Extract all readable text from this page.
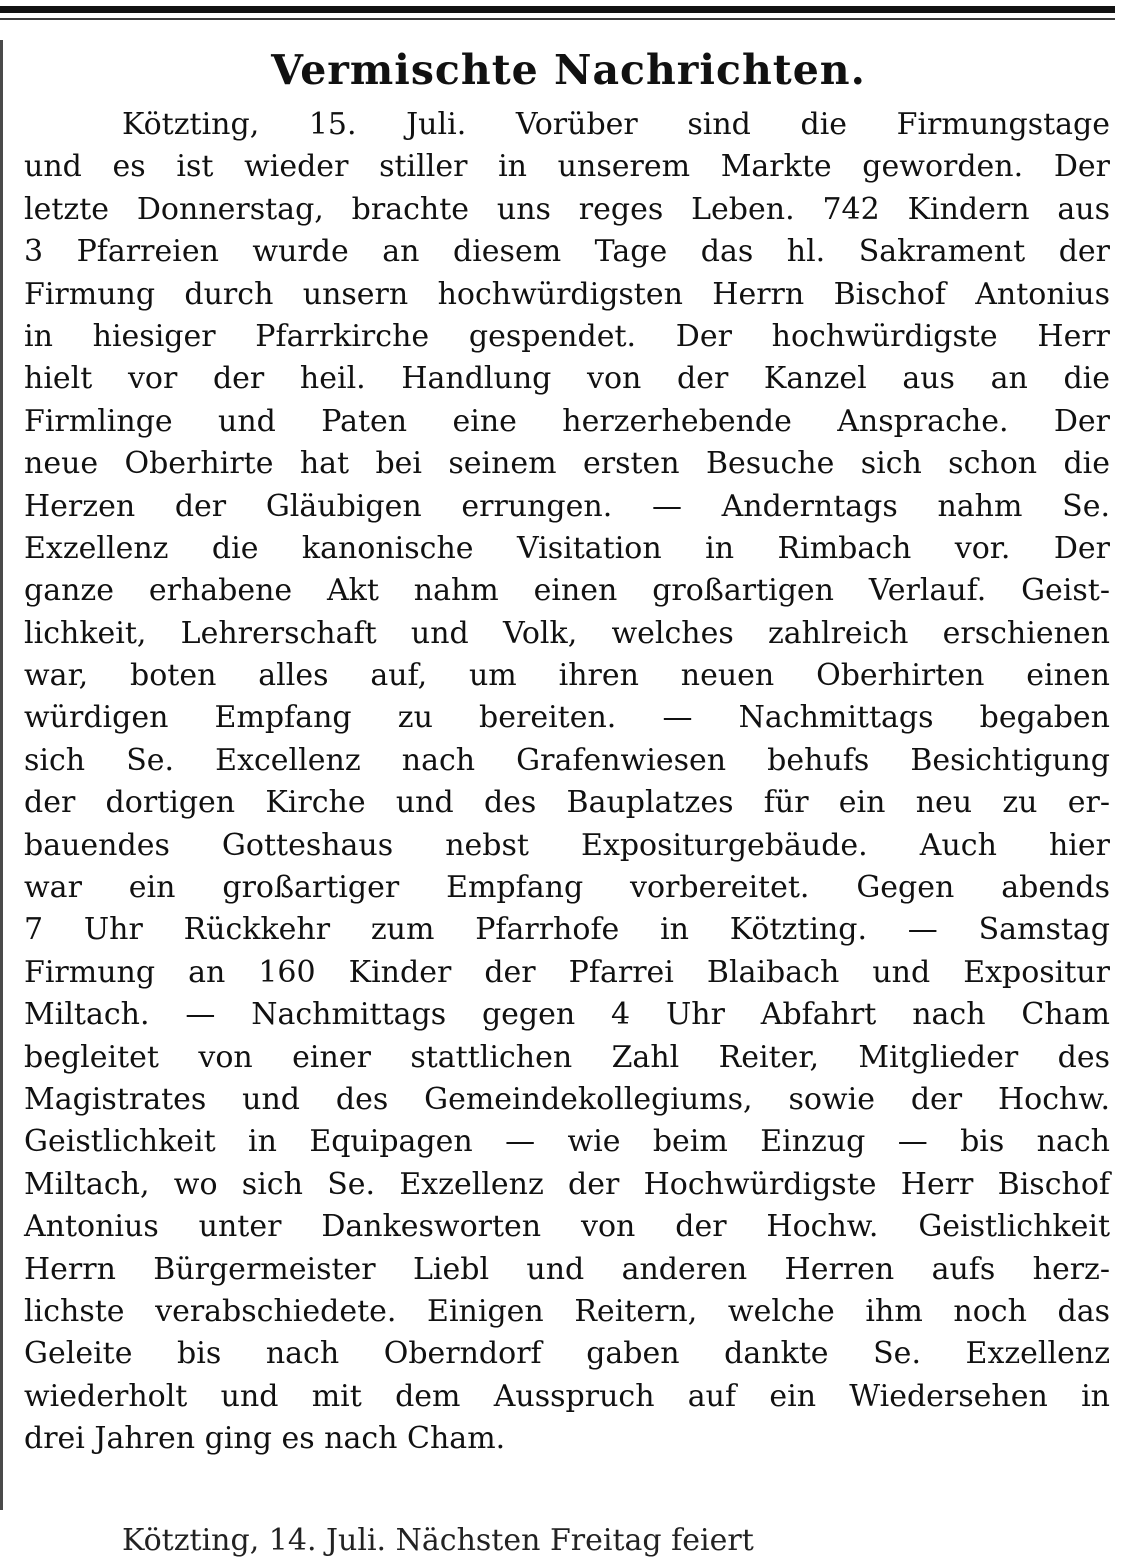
Vermischte Nachrichten.
Kötzting, 15. Juli. Vorüber sind die Firmungstage
und es ist wieder stiller in unserem Markte geworden. Der
letzte Donnerstag, brachte uns reges Leben. 742 Kindern aus
3 Pfarreien wurde an diesem Tage das hl. Sakrament der
Firmung durch unsern hochwürdigsten Herrn Bischof Antonius
in hiesiger Pfarrkirche gespendet. Der hochwürdigste Herr
hielt vor der heil. Handlung von der Kanzel aus an die
Firmlinge und Paten eine herzerhebende Ansprache. Der
neue Oberhirte hat bei seinem ersten Besuche sich schon die
Herzen der Gläubigen errungen. — Anderntags nahm Se.
Exzellenz die kanonische Visitation in Rimbach vor. Der
ganze erhabene Akt nahm einen großartigen Verlauf. Geist-
lichkeit, Lehrerschaft und Volk, welches zahlreich erschienen
war, boten alles auf, um ihren neuen Oberhirten einen
würdigen Empfang zu bereiten. — Nachmittags begaben
sich Se. Excellenz nach Grafenwiesen behufs Besichtigung
der dortigen Kirche und des Bauplatzes für ein neu zu er-
bauendes Gotteshaus nebst Expositurgebäude. Auch hier
war ein großartiger Empfang vorbereitet. Gegen abends
7 Uhr Rückkehr zum Pfarrhofe in Kötzting. — Samstag
Firmung an 160 Kinder der Pfarrei Blaibach und Expositur
Miltach. — Nachmittags gegen 4 Uhr Abfahrt nach Cham
begleitet von einer stattlichen Zahl Reiter, Mitglieder des
Magistrates und des Gemeindekollegiums, sowie der Hochw.
Geistlichkeit in Equipagen — wie beim Einzug — bis nach
Miltach, wo sich Se. Exzellenz der Hochwürdigste Herr Bischof
Antonius unter Dankesworten von der Hochw. Geistlichkeit
Herrn Bürgermeister Liebl und anderen Herren aufs herz-
lichste verabschiedete. Einigen Reitern, welche ihm noch das
Geleite bis nach Oberndorf gaben dankte Se. Exzellenz
wiederholt und mit dem Ausspruch auf ein Wiedersehen in
drei Jahren ging es nach Cham.
Kötzting, 14. Juli. Nächsten Freitag feiert
